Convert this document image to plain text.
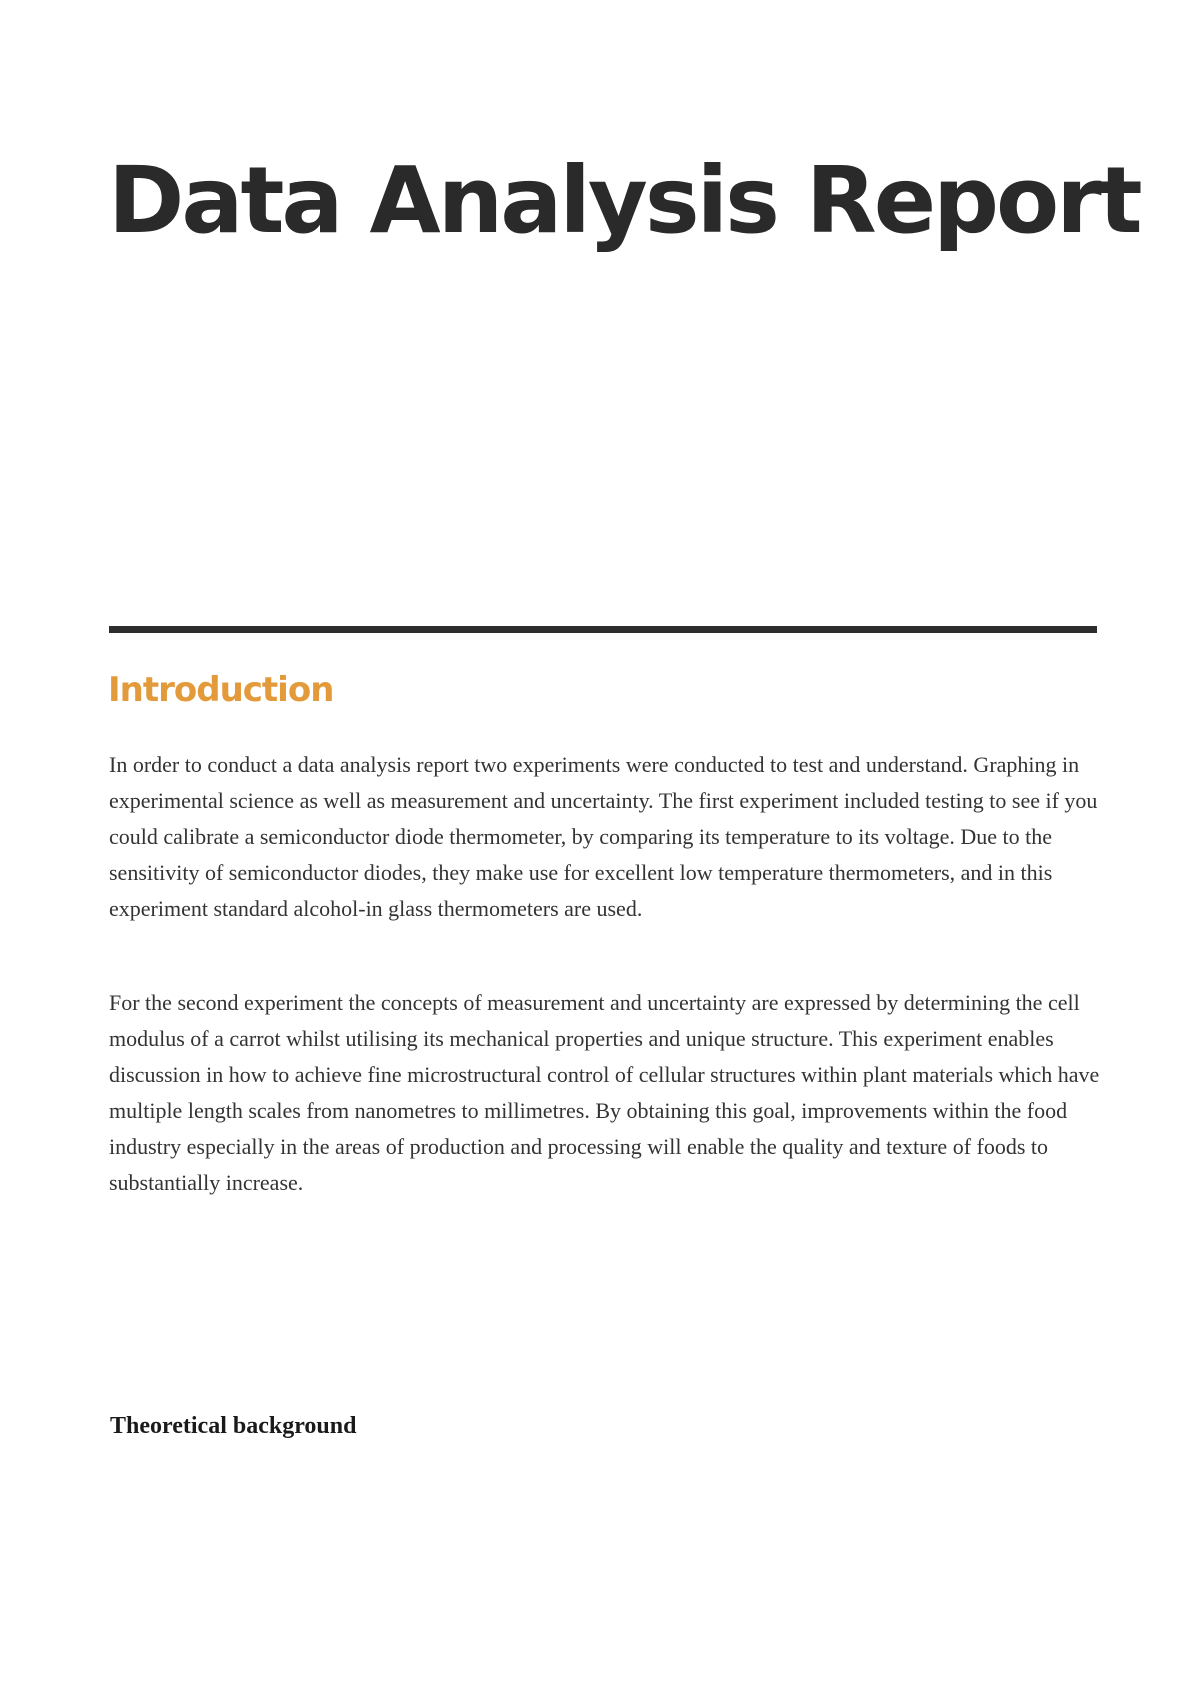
Data Analysis Report
Introduction

In order to conduct a data analysis report two experiments were conducted to test and understand. Graphing in experimental science as well as measurement and uncertainty. The first experiment included testing to see if you could calibrate a semiconductor diode thermometer, by comparing its temperature to its voltage. Due to the sensitivity of semiconductor diodes, they make use for excellent low temperature thermometers, and in this experiment standard alcohol-in glass thermometers are used.

For the second experiment the concepts of measurement and uncertainty are expressed by determining the cell modulus of a carrot whilst utilising its mechanical properties and unique structure. This experiment enables discussion in how to achieve fine microstructural control of cellular structures within plant materials which have multiple length scales from nanometres to millimetres. By obtaining this goal, improvements within the food industry especially in the areas of production and processing will enable the quality and texture of foods to substantially increase.

Theoretical background
